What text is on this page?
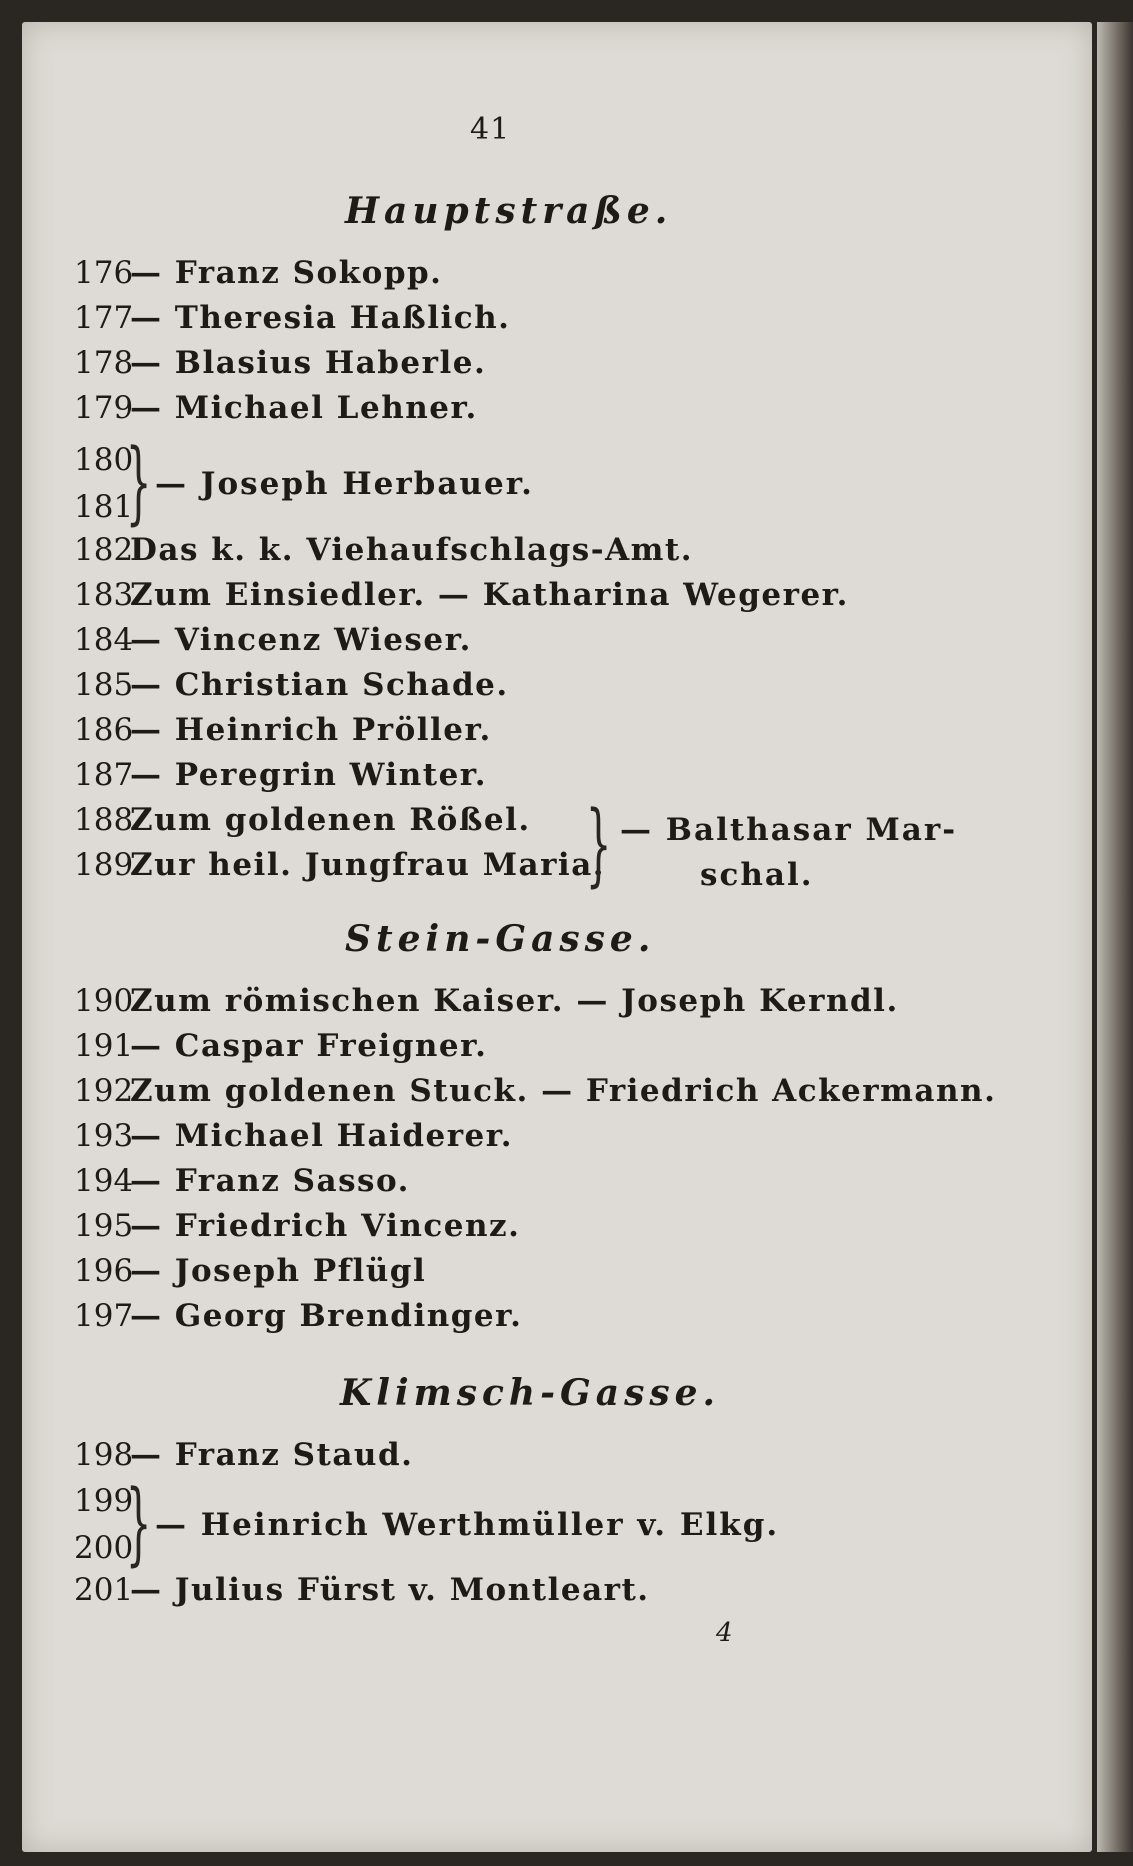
41
Hauptstraße.
176
— Franz Sokopp.
177
— Theresia Haßlich.
178
— Blasius Haberle.
179
— Michael Lehner.
180
181
} — Joseph Herbauer.
182
Das k. k. Viehaufschlags-Amt.
183
Zum Einsiedler. — Katharina Wegerer.
184
— Vincenz Wieser.
185
— Christian Schade.
186
— Heinrich Pröller.
187
— Peregrin Winter.
188
Zum goldenen Rößel.
189
Zur heil. Jungfrau Maria.
} — Balthasar Mar-
schal.
Stein-Gasse.
190
Zum römischen Kaiser. — Joseph Kerndl.
191
— Caspar Freigner.
192
Zum goldenen Stuck. — Friedrich Ackermann.
193
— Michael Haiderer.
194
— Franz Sasso.
195
— Friedrich Vincenz.
196
— Joseph Pflügl
197
— Georg Brendinger.
Klimsch-Gasse.
198
— Franz Staud.
199
200
} — Heinrich Werthmüller v. Elkg.
201
— Julius Fürst v. Montleart.
4
